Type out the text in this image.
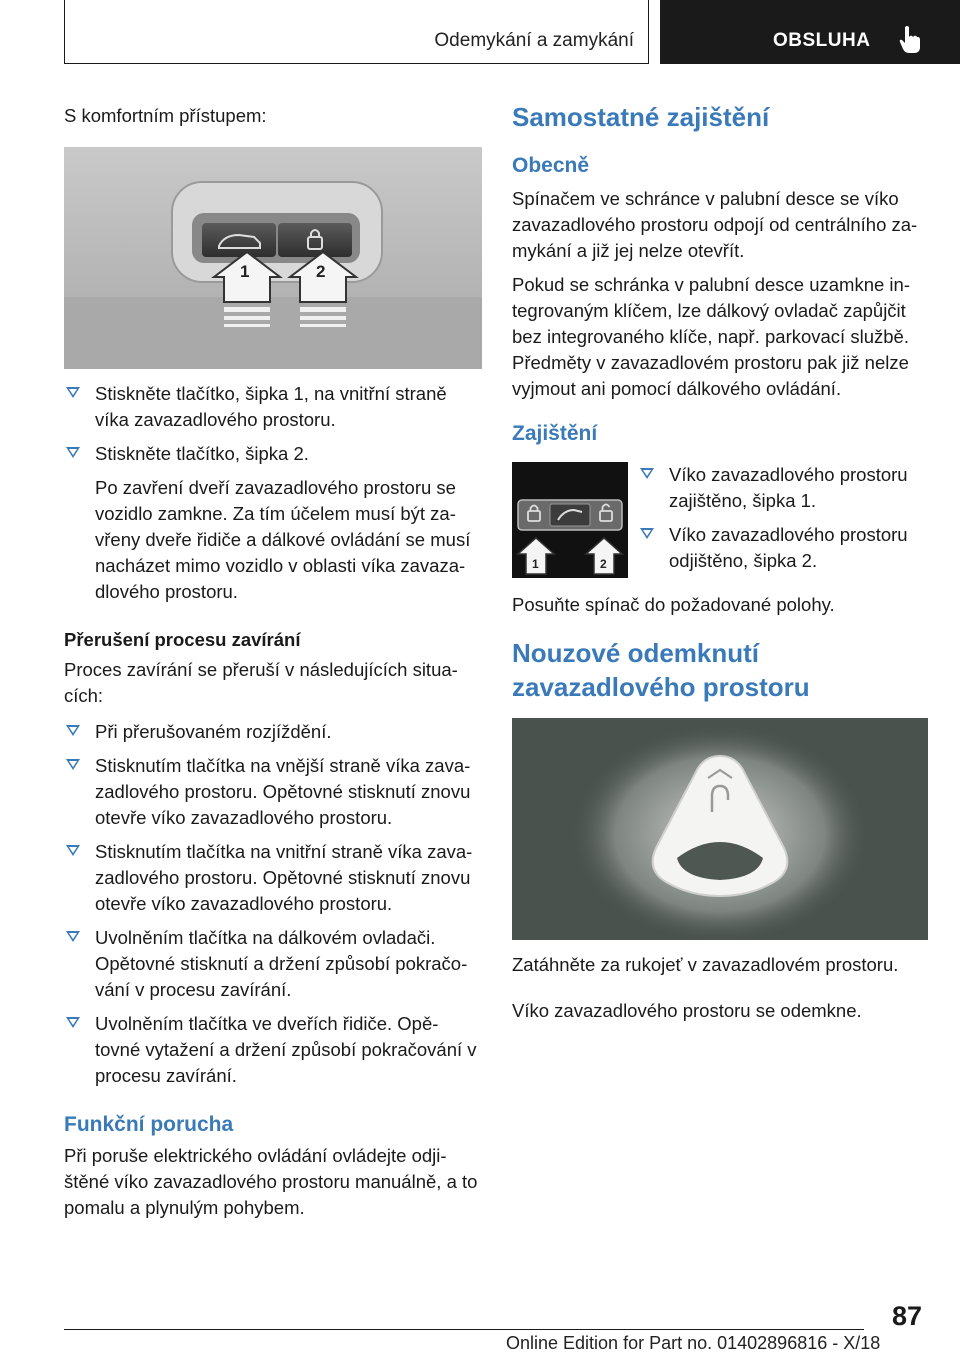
Odemykání a zamykání	OBSLUHA

S komfortním přístupem:

1	2
Stiskněte tlačítko, šipka 1, na vnitřní straně víka zavazadlového prostoru.
Stiskněte tlačítko, šipka 2.
Po zavření dveří zavazadlového prostoru se vozidlo zamkne. Za tím účelem musí být za-vřeny dveře řidiče a dálkové ovládání se musí nacházet mimo vozidlo v oblasti víka zavaza-dlového prostoru.

Přerušení procesu zavírání

Proces zavírání se přeruší v následujících situa-cích:

Při přerušovaném rozjíždění.
Stisknutím tlačítka na vnější straně víka zava-zadlového prostoru. Opětovné stisknutí znovu otevře víko zavazadlového prostoru.
Stisknutím tlačítka na vnitřní straně víka zava-zadlového prostoru. Opětovné stisknutí znovu otevře víko zavazadlového prostoru.
Uvolněním tlačítka na dálkovém ovladači. Opětovné stisknutí a držení způsobí pokračo-vání v procesu zavírání.
Uvolněním tlačítka ve dveřích řidiče. Opě-tovné vytažení a držení způsobí pokračování v procesu zavírání.

Funkční porucha

Při poruše elektrického ovládání ovládejte odji-štěné víko zavazadlového prostoru manuálně, a to pomalu a plynulým pohybem.

Samostatné zajištění

Obecně

Spínačem ve schránce v palubní desce se víko zavazadlového prostoru odpojí od centrálního za-mykání a již jej nelze otevřít.

Pokud se schránka v palubní desce uzamkne in-tegrovaným klíčem, lze dálkový ovladač zapůjčit bez integrovaného klíče, např. parkovací službě. Předměty v zavazadlovém prostoru pak již nelze vyjmout ani pomocí dálkového ovládání.

Zajištění

1	2
Víko zavazadlového prostoru zajištěno, šipka 1.
Víko zavazadlového prostoru odjištěno, šipka 2.

Posuňte spínač do požadované polohy.

Nouzové odemknutí
zavazadlového prostoru

Zatáhněte za rukojeť v zavazadlovém prostoru.

Víko zavazadlového prostoru se odemkne.

87
Online Edition for Part no. 01402896816 - X/18
